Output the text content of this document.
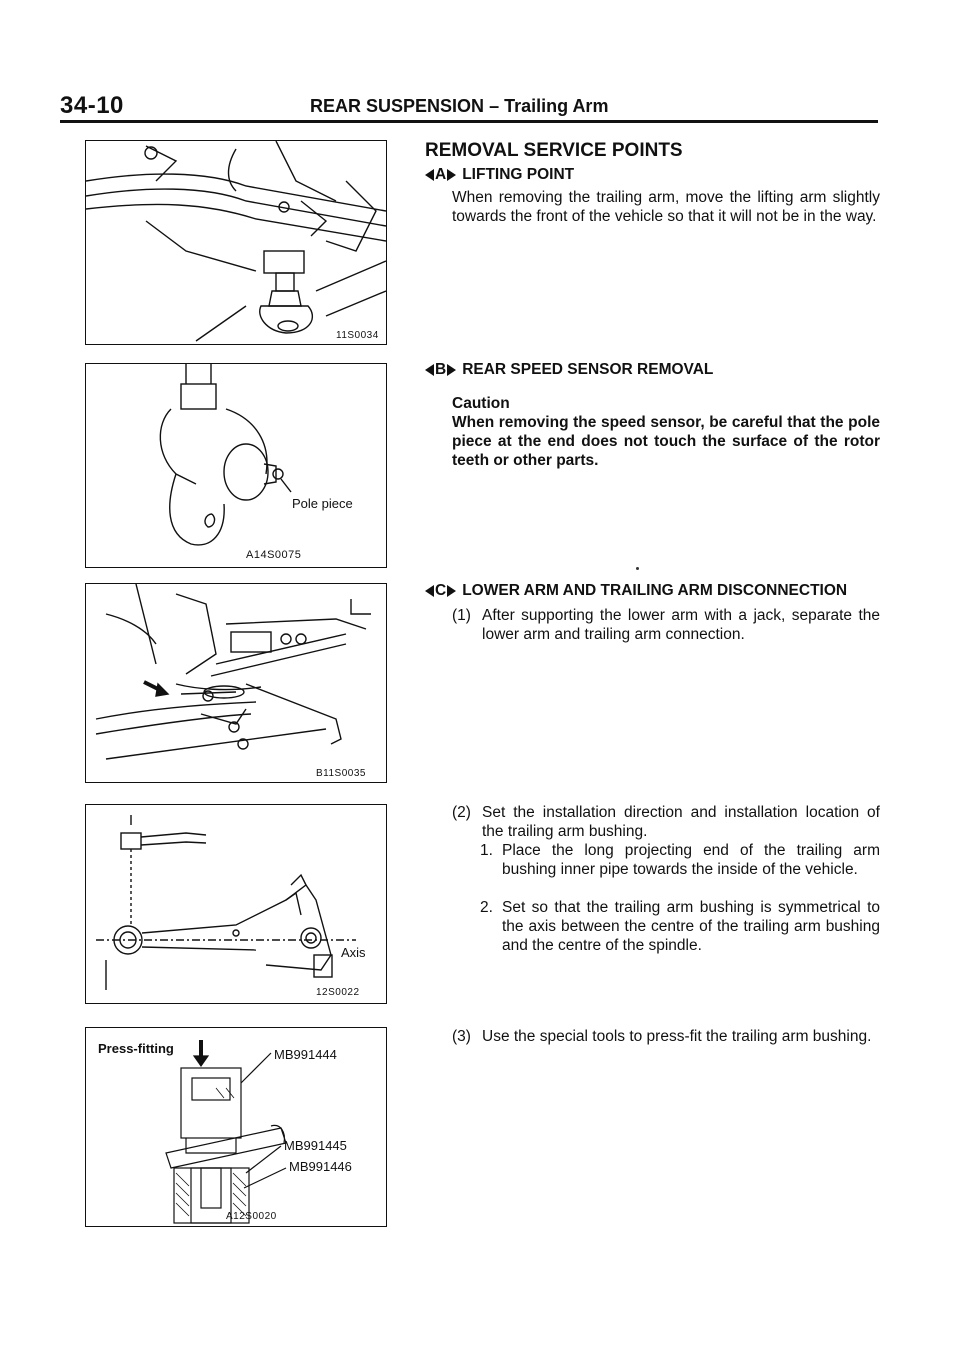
34-10	REAR SUSPENSION – Trailing Arm
11S0034
Pole piece
A14S0075
B11S0035
Axis
12S0022
Press-fitting	MB991444
MB991445
MB991446
A12S0020
REMOVAL SERVICE POINTS
A LIFTING POINT
When removing the trailing arm, move the lifting arm slightly towards the front of the vehicle so that it will not be in the way.
B REAR SPEED SENSOR REMOVAL
Caution
When removing the speed sensor, be careful that the pole piece at the end does not touch the surface of the rotor teeth or other parts.
C LOWER ARM AND TRAILING ARM DISCONNECTION
(1) After supporting the lower arm with a jack, separate the lower arm and trailing arm connection.
(2) Set the installation direction and installation location of the trailing arm bushing.
1. Place the long projecting end of the trailing arm bushing inner pipe towards the inside of the vehicle.
2. Set so that the trailing arm bushing is symmetrical to the axis between the centre of the trailing arm bushing and the centre of the spindle.
(3) Use the special tools to press-fit the trailing arm bushing.
